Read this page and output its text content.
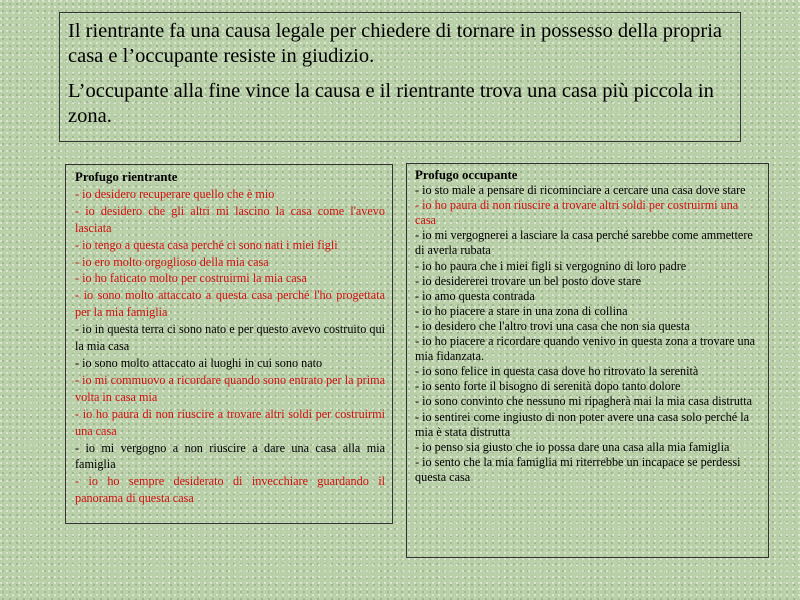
Il rientrante fa una causa legale per chiedere di tornare in possesso della propria casa e l’occupante resiste in giudizio.

L’occupante alla fine vince la causa e il rientrante trova una casa più piccola in zona.

Profugo rientrante
- io desidero recuperare quello che è mio
- io desidero che gli altri mi lascino la casa come l'avevo lasciata
- io tengo a questa casa perché ci sono nati i miei figli
- io ero molto orgoglioso della mia casa
- io ho faticato molto per costruirmi la mia casa
- io sono molto attaccato a questa casa perché l'ho progettata per la mia famiglia
- io in questa terra ci sono nato e per questo avevo costruito qui la mia casa
- io sono molto attaccato ai luoghi in cui sono nato
- io mi commuovo a ricordare quando sono entrato per la prima volta in casa mia
- io ho paura di non riuscire a trovare altri soldi per costruirmi una casa
- io mi vergogno a non riuscire a dare una casa alla mia famiglia
- io ho sempre desiderato di invecchiare guardando il panorama di questa casa
Profugo occupante
- io sto male a pensare di ricominciare a cercare una casa dove stare
- io ho paura di non riuscire a trovare altri soldi per costruirmi una casa
- io mi vergognerei a lasciare la casa perché sarebbe come ammettere di averla rubata
- io ho paura che i miei figli si vergognino di loro padre
- io desidererei trovare un bel posto dove stare
- io amo questa contrada
- io ho piacere a stare in una zona di collina
- io desidero che l'altro trovi una casa che non sia questa
- io ho piacere a ricordare quando venivo in questa zona a trovare una mia fidanzata.
- io sono felice in questa casa dove ho ritrovato la serenità
- io sento forte il bisogno di serenità dopo tanto dolore
- io sono convinto che nessuno mi ripagherà mai la mia casa distrutta
- io sentirei come ingiusto di non poter avere una casa solo perché la mia è stata distrutta
- io penso sia giusto che io possa dare una casa alla mia famiglia
- io sento che la mia famiglia mi riterrebbe un incapace se perdessi questa casa
